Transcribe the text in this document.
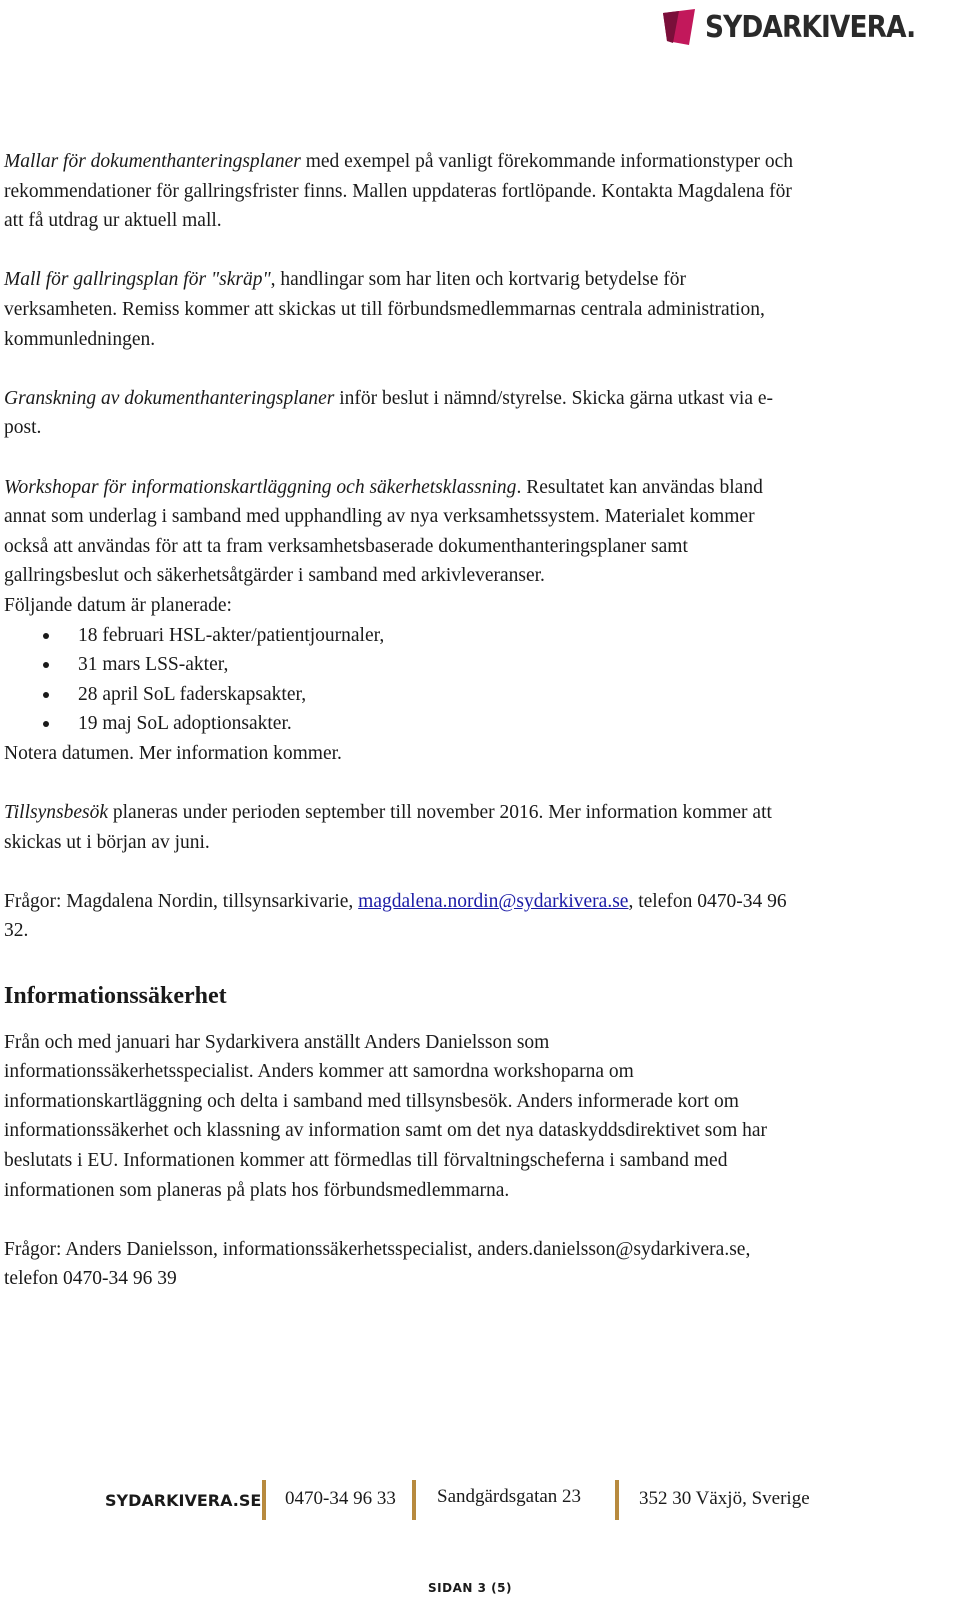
SYDARKIVERA.

Mallar för dokumenthanteringsplaner med exempel på vanligt förekommande informationstyper och rekommendationer för gallringsfrister finns. Mallen uppdateras fortlöpande. Kontakta Magdalena för att få utdrag ur aktuell mall.

Mall för gallringsplan för "skräp", handlingar som har liten och kortvarig betydelse för verksamheten. Remiss kommer att skickas ut till förbundsmedlemmarnas centrala administration, kommunledningen.

Granskning av dokumenthanteringsplaner inför beslut i nämnd/styrelse. Skicka gärna utkast via e-post.

Workshopar för informationskartläggning och säkerhetsklassning. Resultatet kan användas bland annat som underlag i samband med upphandling av nya verksamhetssystem. Materialet kommer också att användas för att ta fram verksamhetsbaserade dokumenthanteringsplaner samt gallringsbeslut och säkerhetsåtgärder i samband med arkivleveranser.

Följande datum är planerade:

18 februari HSL-akter/patientjournaler,
31 mars LSS-akter,
28 april SoL faderskapsakter,
19 maj SoL adoptionsakter.

Notera datumen. Mer information kommer.

Tillsynsbesök planeras under perioden september till november 2016. Mer information kommer att skickas ut i början av juni.

Frågor: Magdalena Nordin, tillsynsarkivarie, magdalena.nordin@sydarkivera.se, telefon 0470-34 96 32.

Informationssäkerhet

Från och med januari har Sydarkivera anställt Anders Danielsson som informationssäkerhetsspecialist. Anders kommer att samordna workshoparna om informationskartläggning och delta i samband med tillsynsbesök. Anders informerade kort om informationssäkerhet och klassning av information samt om det nya dataskyddsdirektivet som har beslutats i EU. Informationen kommer att förmedlas till förvaltningscheferna i samband med informationen som planeras på plats hos förbundsmedlemmarna.

Frågor: Anders Danielsson, informationssäkerhetsspecialist, anders.danielsson@sydarkivera.se, telefon 0470-34 96 39

SYDARKIVERA.SE 0470-34 96 33 Sandgärdsgatan 23	352 30 Växjö, Sverige
SIDAN 3 (5)
